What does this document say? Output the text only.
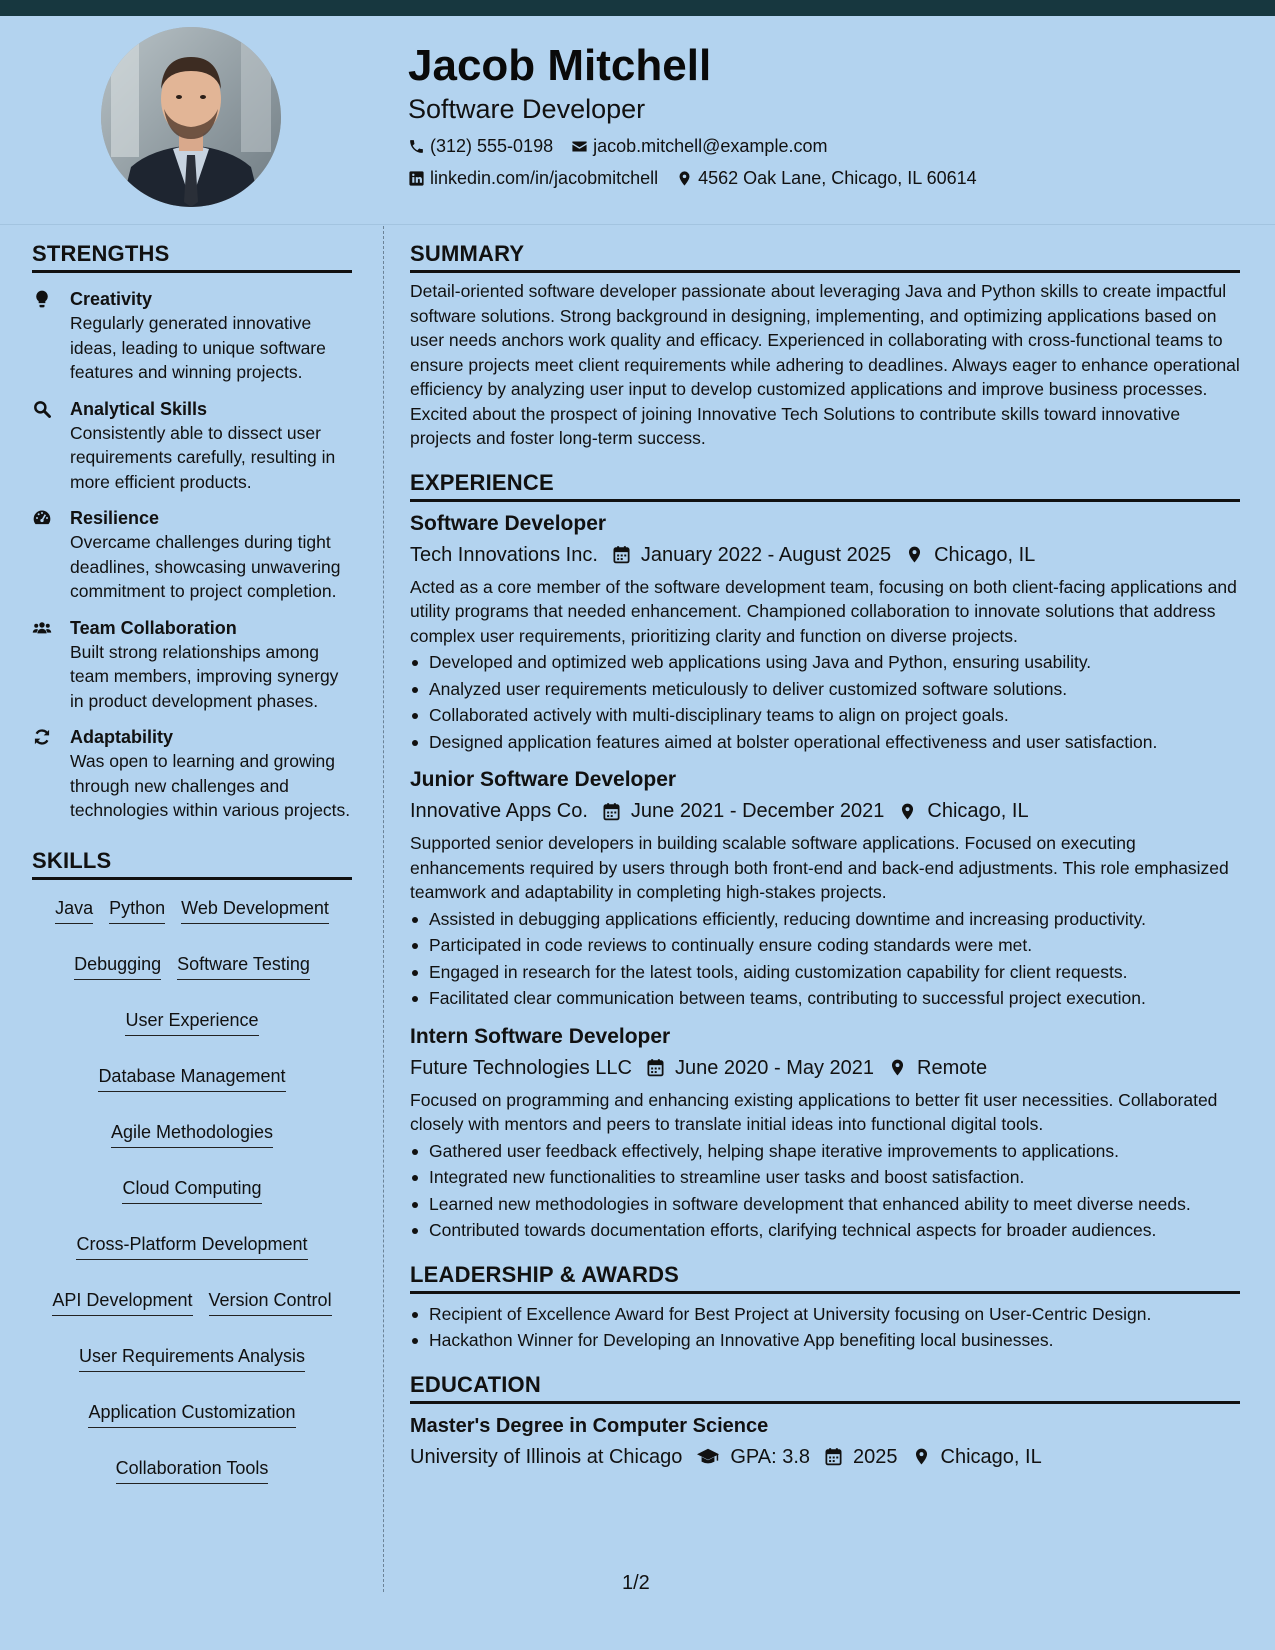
Jacob Mitchell
Software Developer
(312) 555-0198 jacob.mitchell@example.com
linkedin.com/in/jacobmitchell 4562 Oak Lane, Chicago, IL 60614
STRENGTHS
Creativity
Regularly generated innovative ideas, leading to unique software features and winning projects.
Analytical Skills
Consistently able to dissect user requirements carefully, resulting in more efficient products.
Resilience
Overcame challenges during tight deadlines, showcasing unwavering commitment to project completion.
Team Collaboration
Built strong relationships among team members, improving synergy in product development phases.
Adaptability
Was open to learning and growing through new challenges and technologies within various projects.
SKILLS
Java Python Web Development
Debugging Software Testing
User Experience
Database Management
Agile Methodologies
Cloud Computing
Cross-Platform Development
API Development Version Control
User Requirements Analysis
Application Customization
Collaboration Tools
SUMMARY

Detail-oriented software developer passionate about leveraging Java and Python skills to create impactful software solutions. Strong background in designing, implementing, and optimizing applications based on user needs anchors work quality and efficacy. Experienced in collaborating with cross-functional teams to ensure projects meet client requirements while adhering to deadlines. Always eager to enhance operational efficiency by analyzing user input to develop customized applications and improve business processes. Excited about the prospect of joining Innovative Tech Solutions to contribute skills toward innovative projects and foster long-term success.

EXPERIENCE
Software Developer
Tech Innovations Inc. January 2022 - August 2025 Chicago, IL

Acted as a core member of the software development team, focusing on both client-facing applications and utility programs that needed enhancement. Championed collaboration to innovate solutions that address complex user requirements, prioritizing clarity and function on diverse projects.

Developed and optimized web applications using Java and Python, ensuring usability.
Analyzed user requirements meticulously to deliver customized software solutions.
Collaborated actively with multi-disciplinary teams to align on project goals.
Designed application features aimed at bolster operational effectiveness and user satisfaction.
Junior Software Developer
Innovative Apps Co. June 2021 - December 2021 Chicago, IL

Supported senior developers in building scalable software applications. Focused on executing enhancements required by users through both front-end and back-end adjustments. This role emphasized teamwork and adaptability in completing high-stakes projects.

Assisted in debugging applications efficiently, reducing downtime and increasing productivity.
Participated in code reviews to continually ensure coding standards were met.
Engaged in research for the latest tools, aiding customization capability for client requests.
Facilitated clear communication between teams, contributing to successful project execution.
Intern Software Developer
Future Technologies LLC June 2020 - May 2021 Remote

Focused on programming and enhancing existing applications to better fit user necessities. Collaborated closely with mentors and peers to translate initial ideas into functional digital tools.

Gathered user feedback effectively, helping shape iterative improvements to applications.
Integrated new functionalities to streamline user tasks and boost satisfaction.
Learned new methodologies in software development that enhanced ability to meet diverse needs.
Contributed towards documentation efforts, clarifying technical aspects for broader audiences.
LEADERSHIP & AWARDS
Recipient of Excellence Award for Best Project at University focusing on User-Centric Design.
Hackathon Winner for Developing an Innovative App benefiting local businesses.
EDUCATION
Master's Degree in Computer Science
University of Illinois at Chicago GPA: 3.8 2025 Chicago, IL
1/2
